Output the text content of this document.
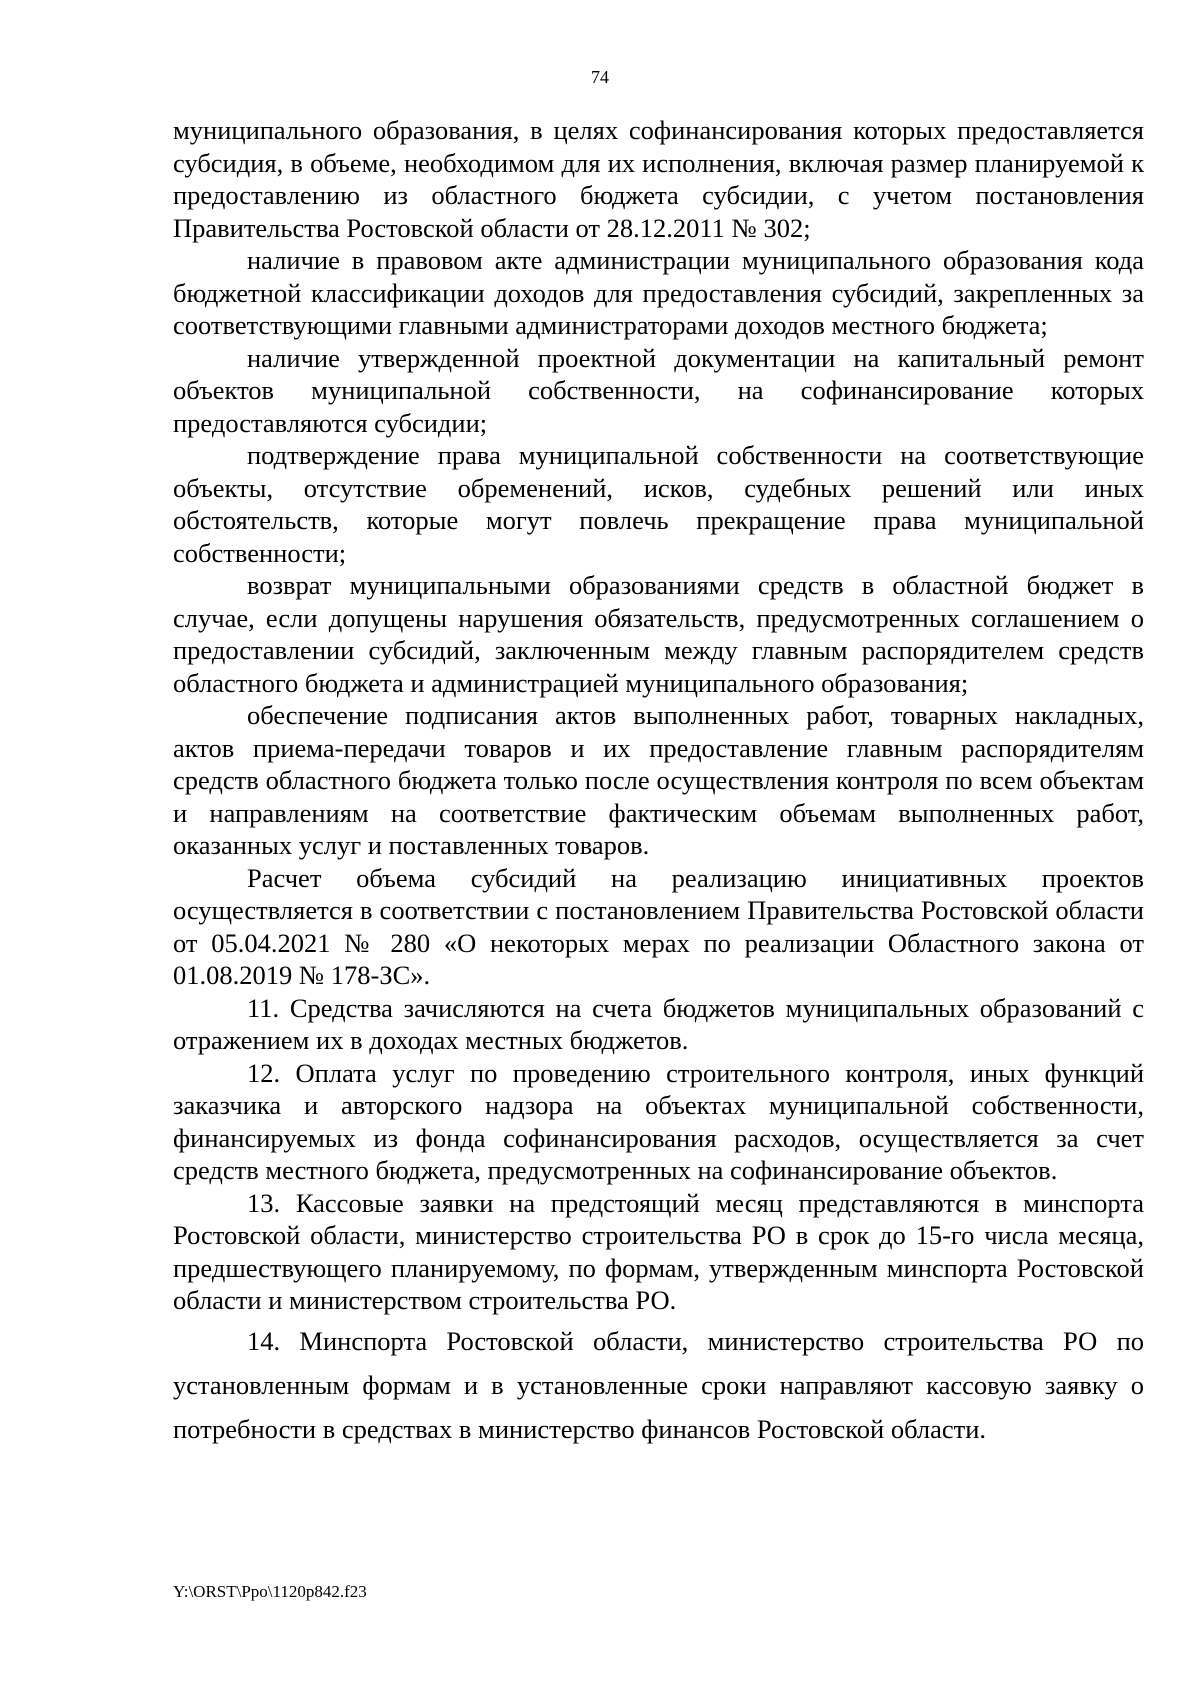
74

муниципального образования, в целях софинансирования которых предоставляется субсидия, в объеме, необходимом для их исполнения, включая размер планируемой к предоставлению из областного бюджета субсидии, с учетом постановления Правительства Ростовской области от 28.12.2011 № 302;

наличие в правовом акте администрации муниципального образования кода бюджетной классификации доходов для предоставления субсидий, закрепленных за соответствующими главными администраторами доходов местного бюджета;

наличие утвержденной проектной документации на капитальный ремонт объектов муниципальной собственности, на софинансирование которых предоставляются субсидии;

подтверждение права муниципальной собственности на соответствующие объекты, отсутствие обременений, исков, судебных решений или иных обстоятельств, которые могут повлечь прекращение права муниципальной собственности;

возврат муниципальными образованиями средств в областной бюджет в случае, если допущены нарушения обязательств, предусмотренных соглашением о предоставлении субсидий, заключенным между главным распорядителем средств областного бюджета и администрацией муниципального образования;

обеспечение подписания актов выполненных работ, товарных накладных, актов приема-передачи товаров и их предоставление главным распорядителям средств областного бюджета только после осуществления контроля по всем объектам и направлениям на соответствие фактическим объемам выполненных работ, оказанных услуг и поставленных товаров.

Расчет объема субсидий на реализацию инициативных проектов осуществляется в соответствии с постановлением Правительства Ростовской области от 05.04.2021 № 280 «О некоторых мерах по реализации Областного закона от 01.08.2019 № 178-ЗС».

11. Средства зачисляются на счета бюджетов муниципальных образований с отражением их в доходах местных бюджетов.

12. Оплата услуг по проведению строительного контроля, иных функций заказчика и авторского надзора на объектах муниципальной собственности, финансируемых из фонда софинансирования расходов, осуществляется за счет средств местного бюджета, предусмотренных на софинансирование объектов.

13. Кассовые заявки на предстоящий месяц представляются в минспорта Ростовской области, министерство строительства РО в срок до 15-го числа месяца, предшествующего планируемому, по формам, утвержденным минспорта Ростовской области и министерством строительства РО.

14. Минспорта Ростовской области, министерство строительства РО по установленным формам и в установленные сроки направляют кассовую заявку о потребности в средствах в министерство финансов Ростовской области.

Y:\ORST\Ppo\1120p842.f23
